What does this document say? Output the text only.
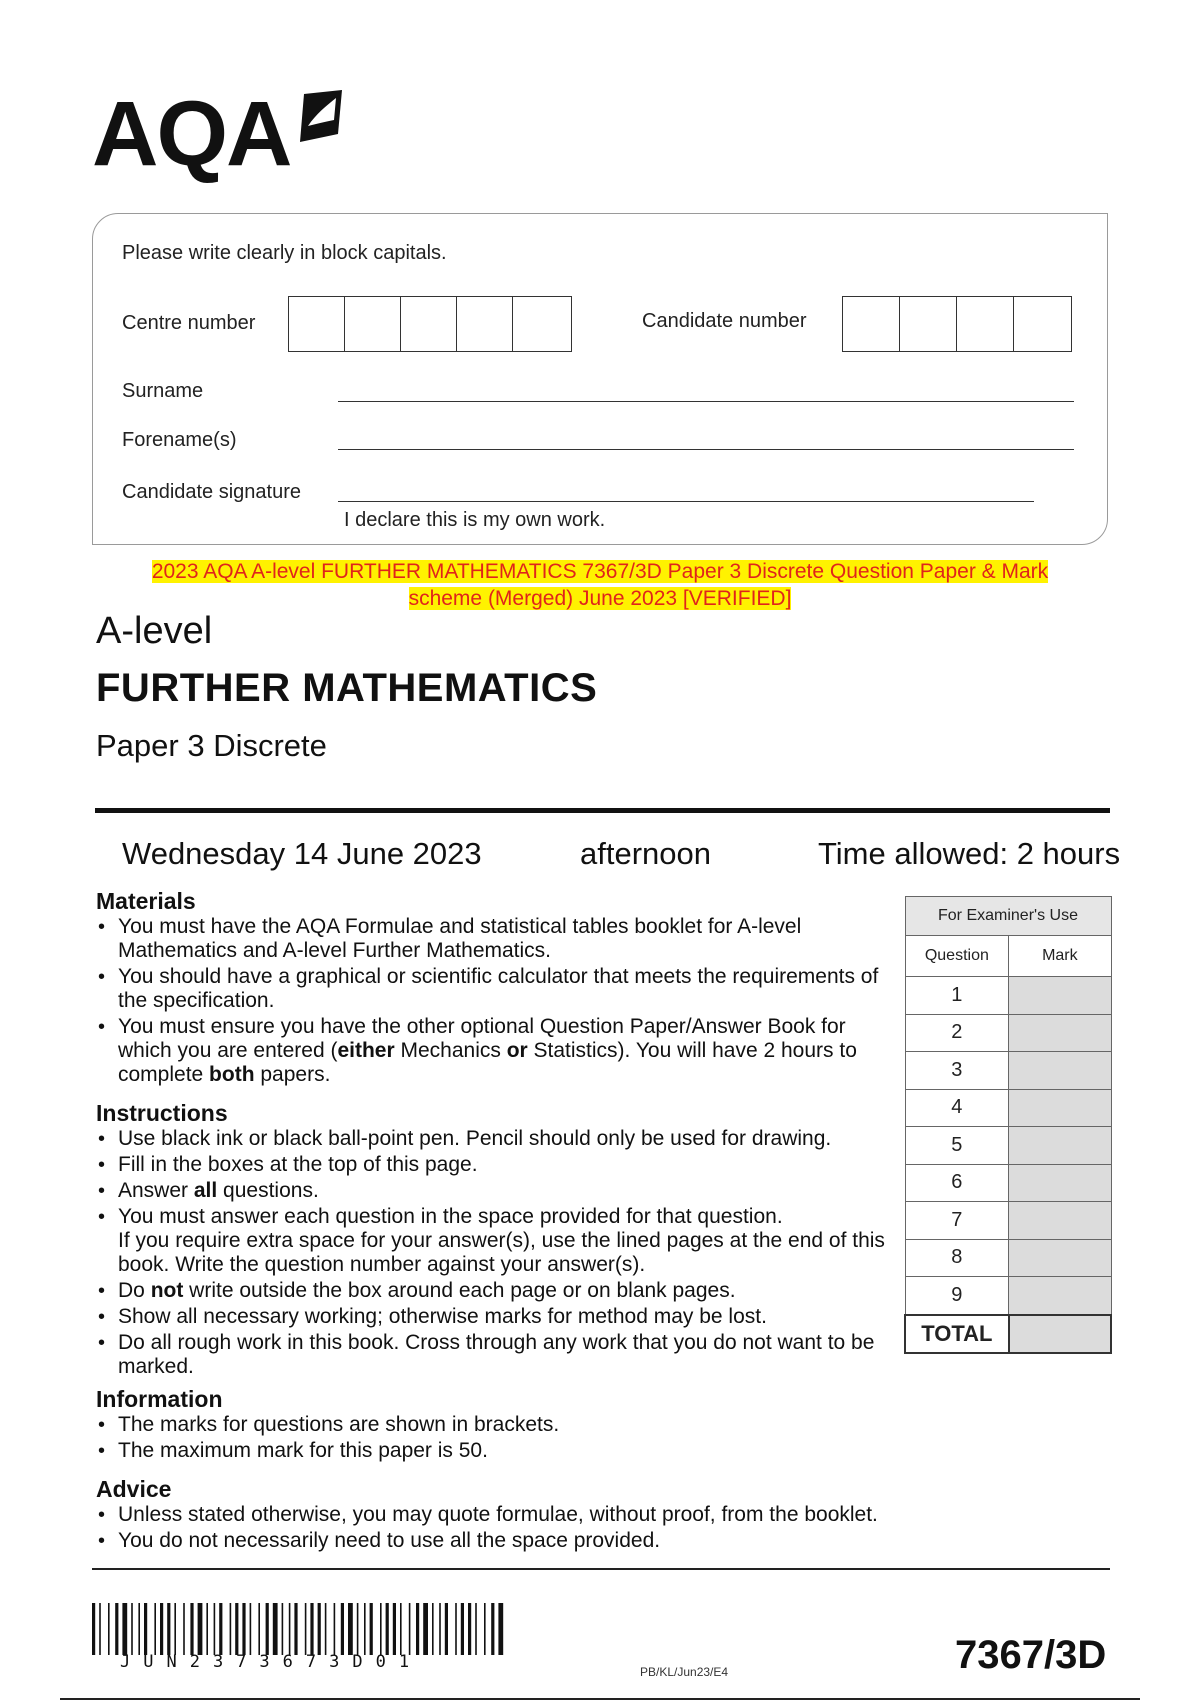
AQA
Please write clearly in block capitals.
Centre number	Candidate number
Surname
Forename(s)
Candidate signature
I declare this is my own work.
2023 AQA A-level FURTHER MATHEMATICS 7367/3D Paper 3 Discrete Question Paper & Mark
scheme (Merged) June 2023 [VERIFIED]
A-level
FURTHER MATHEMATICS
Paper 3 Discrete
Wednesday 14 June 2023	afternoon	Time allowed: 2 hours
Materials
• You must have the AQA Formulae and statistical tables booklet for A-level Mathematics and A-level Further Mathematics.
• You should have a graphical or scientific calculator that meets the requirements of the specification.
• You must ensure you have the other optional Question Paper/Answer Book for which you are entered (either Mechanics or Statistics). You will have 2 hours to complete both papers.
Instructions
• Use black ink or black ball-point pen. Pencil should only be used for drawing.
• Fill in the boxes at the top of this page.
• Answer all questions.
• You must answer each question in the space provided for that question.
If you require extra space for your answer(s), use the lined pages at the end of this book. Write the question number against your answer(s).
• Do not write outside the box around each page or on blank pages.
• Show all necessary working; otherwise marks for method may be lost.
• Do all rough work in this book. Cross through any work that you do not want to be marked.
Information
• The marks for questions are shown in brackets.
• The maximum mark for this paper is 50.
Advice
• Unless stated otherwise, you may quote formulae, without proof, from the booklet.
• You do not necessarily need to use all the space provided.
For Examiner's Use	
Question	Mark
1	
2	
3	
4	
5	
6	
7	
8	
9	
TOTAL	
JUN2373673D01	PB/KL/Jun23/E4	7367/3D
